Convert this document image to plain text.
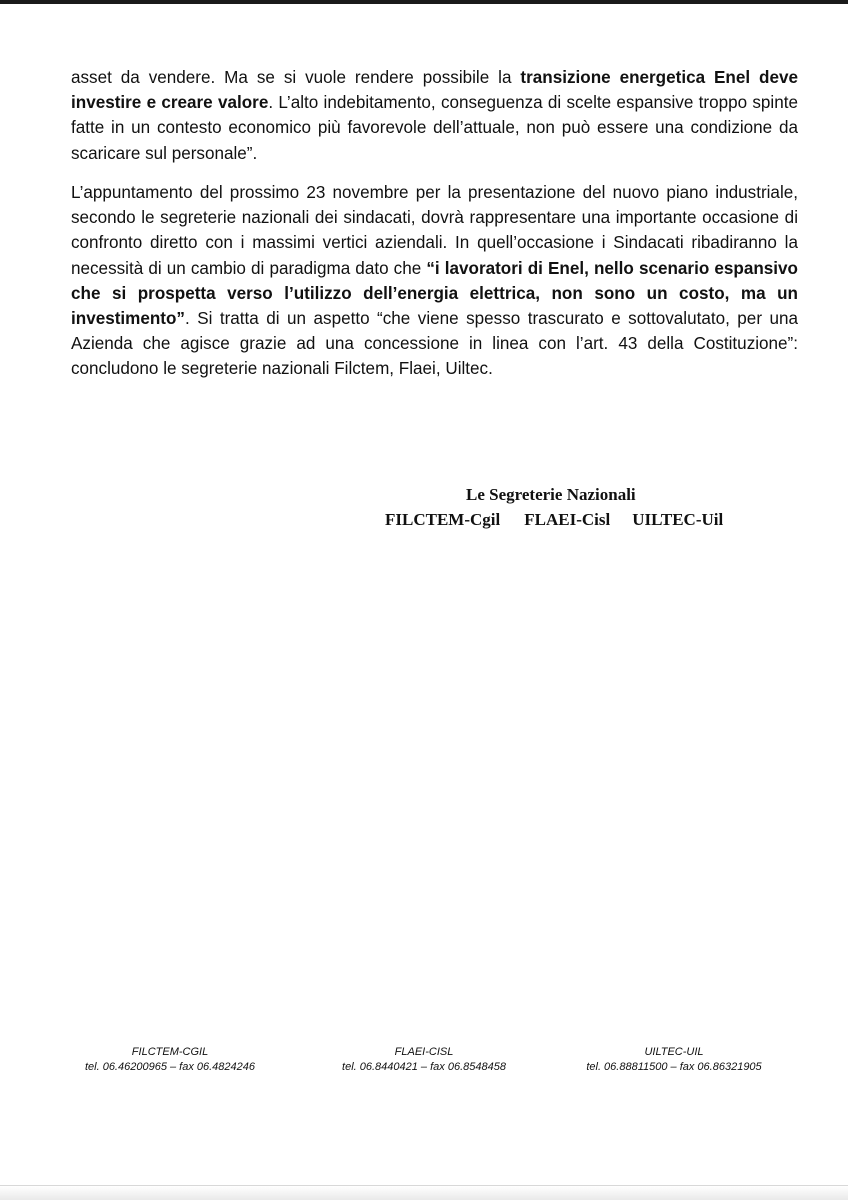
asset da vendere. Ma se si vuole rendere possibile la transizione energetica Enel deve investire e creare valore. L’alto indebitamento, conseguenza di scelte espansive troppo spinte fatte in un contesto economico più favorevole dell’attuale, non può essere una condizione da scaricare sul personale”.

L’appuntamento del prossimo 23 novembre per la presentazione del nuovo piano industriale, secondo le segreterie nazionali dei sindacati, dovrà rappresentare una importante occasione di confronto diretto con i massimi vertici aziendali. In quell’occasione i Sindacati ribadiranno la necessità di un cambio di paradigma dato che “i lavoratori di Enel, nello scenario espansivo che si prospetta verso l’utilizzo dell’energia elettrica, non sono un costo, ma un investimento”. Si tratta di un aspetto “che viene spesso trascurato e sottovalutato, per una Azienda che agisce grazie ad una concessione in linea con l’art. 43 della Costituzione”: concludono le segreterie nazionali Filctem, Flaei, Uiltec.

Le Segreterie Nazionali
FILCTEM-Cgil FLAEI-Cisl UILTEC-Uil
FILCTEM-CGIL
tel. 06.46200965 – fax 06.4824246
FLAEI-CISL
tel. 06.8440421 – fax 06.8548458
UILTEC-UIL
tel. 06.88811500 – fax 06.86321905
